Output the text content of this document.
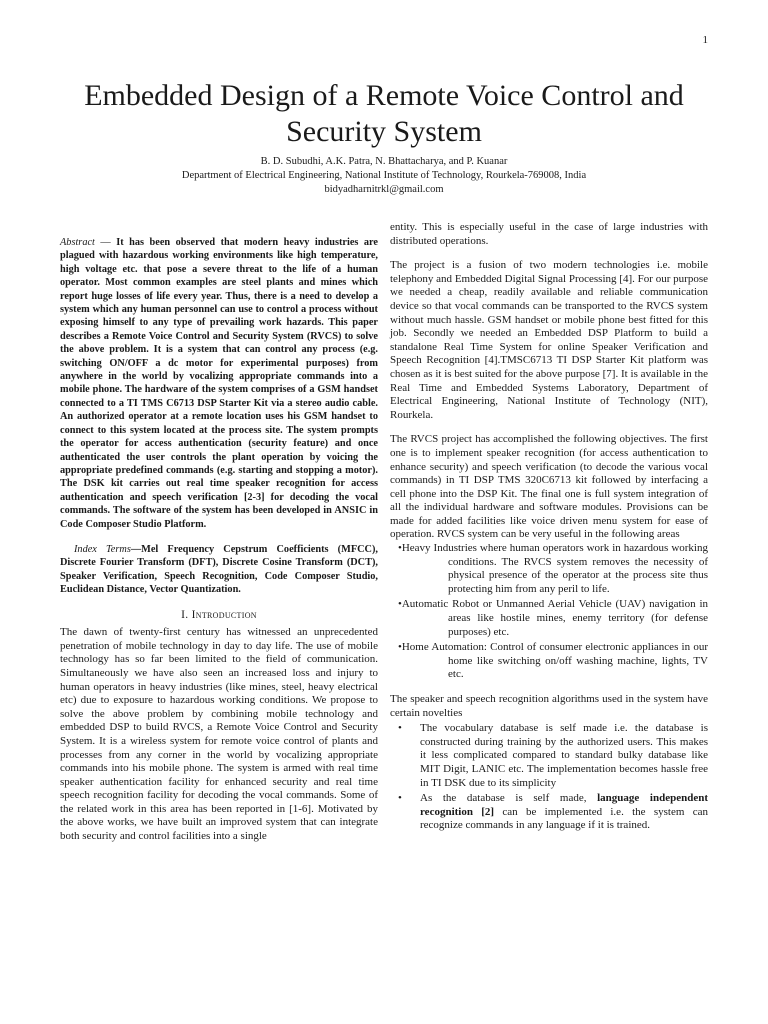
1
Embedded Design of a Remote Voice Control and Security System
B. D. Subudhi, A.K. Patra, N. Bhattacharya, and P. Kuanar
Department of Electrical Engineering, National Institute of Technology, Rourkela-769008, India
bidyadharnitrkl@gmail.com
Abstract — It has been observed that modern heavy industries are plagued with hazardous working environments like high temperature, high voltage etc. that pose a severe threat to the life of a human operator. Most common examples are steel plants and mines which report huge losses of life every year. Thus, there is a need to develop a system which any human personnel can use to control a process without exposing himself to any type of prevailing work hazards. This paper describes a Remote Voice Control and Security System (RVCS) to solve the above problem. It is a system that can control any process (e.g. switching ON/OFF a dc motor for experimental purposes) from anywhere in the world by vocalizing appropriate commands into a mobile phone. The hardware of the system comprises of a GSM handset connected to a TI TMS C6713 DSP Starter Kit via a stereo audio cable. An authorized operator at a remote location uses his GSM handset to connect to this system located at the process site. The system prompts the operator for access authentication (security feature) and once authenticated the user controls the plant operation by voicing the appropriate predefined commands (e.g. starting and stopping a motor). The DSK kit carries out real time speaker recognition for access authentication and speech verification [2-3] for decoding the vocal commands. The software of the system has been developed in ANSIC in Code Composer Studio Platform.
Index Terms—Mel Frequency Cepstrum Coefficients (MFCC), Discrete Fourier Transform (DFT), Discrete Cosine Transform (DCT), Speaker Verification, Speech Recognition, Code Composer Studio, Euclidean Distance, Vector Quantization.
I. Introduction

The dawn of twenty-first century has witnessed an unprecedented penetration of mobile technology in day to day life. The use of mobile technology has so far been limited to the field of communication. Simultaneously we have also seen an increased loss and injury to human operators in heavy industries (like mines, steel, heavy electrical etc) due to exposure to hazardous working conditions. We propose to solve the above problem by combining mobile technology and embedded DSP to build RVCS, a Remote Voice Control and Security System. It is a wireless system for remote voice control of plants and processes from any corner in the world by vocalizing appropriate commands into his mobile phone. The system is armed with real time speaker authentication facility for enhanced security and real time speech recognition facility for decoding the vocal commands. Some of the related work in this area has been reported in [1-6]. Motivated by the above works, we have built an improved system that can integrate both security and control facilities into a single

entity. This is especially useful in the case of large industries with distributed operations.

The project is a fusion of two modern technologies i.e. mobile telephony and Embedded Digital Signal Processing [4]. For our purpose we needed a cheap, readily available and reliable communication device so that vocal commands can be transported to the RVCS system without much hassle. GSM handset or mobile phone best fitted for this job. Secondly we needed an Embedded DSP Platform to build a standalone Real Time System for online Speaker Verification and Speech Recognition [4].TMSC6713 TI DSP Starter Kit platform was chosen as it is best suited for the above purpose [7]. It is available in the Real Time and Embedded Systems Laboratory, Department of Electrical Engineering, National Institute of Technology (NIT), Rourkela.

The RVCS project has accomplished the following objectives. The first one is to implement speaker recognition (for access authentication to enhance security) and speech verification (to decode the various vocal commands) in TI DSP TMS 320C6713 kit followed by interfacing a cell phone into the DSP Kit. The final one is full system integration of all the individual hardware and software modules. Provisions can be made for added facilities like voice driven menu system for ease of operation. RVCS system can be very useful in the following areas

•Heavy Industries where human operators work in hazardous working conditions. The RVCS system removes the necessity of physical presence of the operator at the process site thus protecting him from any peril to life.
•Automatic Robot or Unmanned Aerial Vehicle (UAV) navigation in areas like hostile mines, enemy territory (for defense purposes) etc.
•Home Automation: Control of consumer electronic appliances in our home like switching on/off washing machine, lights, TV etc.

The speaker and speech recognition algorithms used in the system have certain novelties

• The vocabulary database is self made i.e. the database is constructed during training by the authorized users. This makes it less complicated compared to standard bulky database like MIT Digit, LANIC etc. The implementation becomes hassle free in TI DSK due to its simplicity
• As the database is self made, language independent recognition [2] can be implemented i.e. the system can recognize commands in any language if it is trained.
